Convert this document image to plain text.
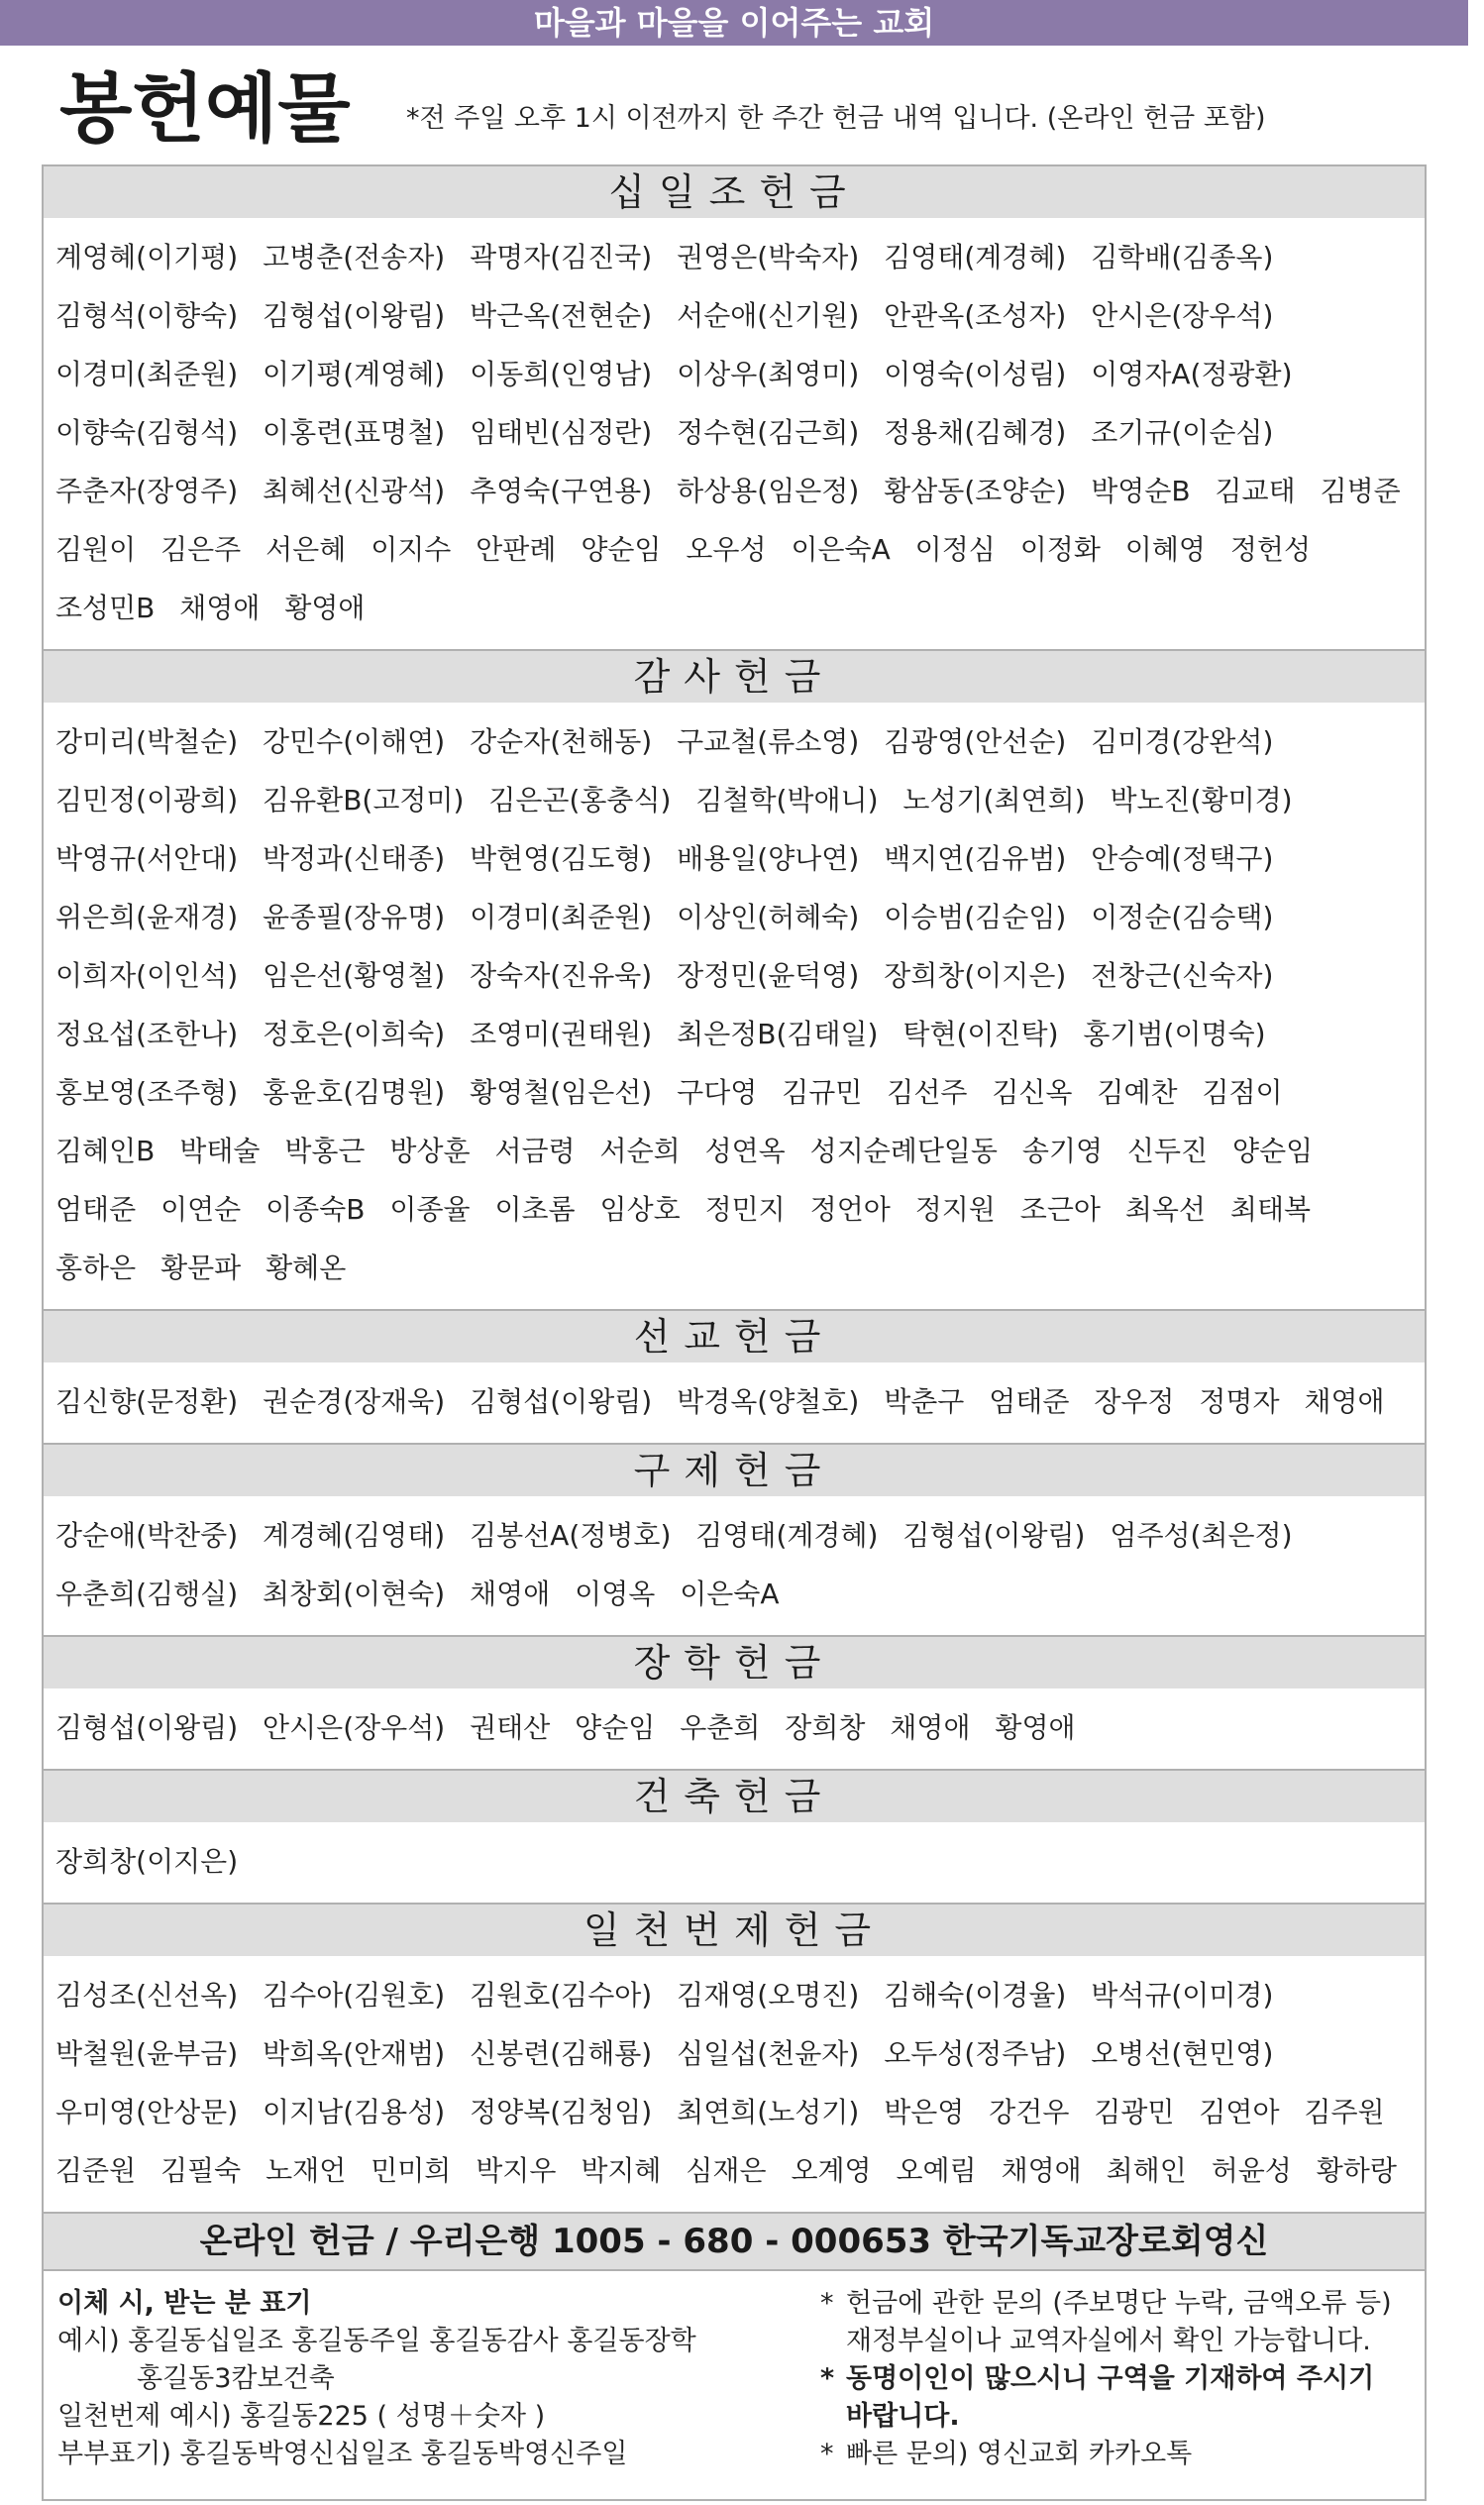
마을과 마을을 이어주는 교회
봉헌예물 *전 주일 오후 1시 이전까지 한 주간 헌금 내역 입니다. (온라인 헌금 포함)
십일조헌금
계영혜(이기평) 고병춘(전송자) 곽명자(김진국) 권영은(박숙자) 김영태(계경혜) 김학배(김종옥) 김형석(이향숙) 김형섭(이왕림) 박근옥(전현순) 서순애(신기원) 안관옥(조성자) 안시은(장우석) 이경미(최준원) 이기평(계영혜) 이동희(인영남) 이상우(최영미) 이영숙(이성림) 이영자A(정광환) 이향숙(김형석) 이홍련(표명철) 임태빈(심정란) 정수현(김근희) 정용채(김혜경) 조기규(이순심) 주춘자(장영주) 최혜선(신광석) 추영숙(구연용) 하상용(임은정) 황삼동(조양순) 박영순B 김교태 김병준 김원이 김은주 서은혜 이지수 안판례 양순임 오우성 이은숙A 이정심 이정화 이혜영 정헌성 조성민B 채영애 황영애
감사헌금
강미리(박철순) 강민수(이해연) 강순자(천해동) 구교철(류소영) 김광영(안선순) 김미경(강완석) 김민정(이광희) 김유환B(고정미) 김은곤(홍충식) 김철학(박애니) 노성기(최연희) 박노진(황미경) 박영규(서안대) 박정과(신태종) 박현영(김도형) 배용일(양나연) 백지연(김유범) 안승예(정택구) 위은희(윤재경) 윤종필(장유명) 이경미(최준원) 이상인(허혜숙) 이승범(김순임) 이정순(김승택) 이희자(이인석) 임은선(황영철) 장숙자(진유욱) 장정민(윤덕영) 장희창(이지은) 전창근(신숙자) 정요섭(조한나) 정호은(이희숙) 조영미(권태원) 최은정B(김태일) 탁현(이진탁) 홍기범(이명숙) 홍보영(조주형) 홍윤호(김명원) 황영철(임은선) 구다영 김규민 김선주 김신옥 김예찬 김점이 김혜인B 박태술 박홍근 방상훈 서금령 서순희 성연옥 성지순례단일동 송기영 신두진 양순임 엄태준 이연순 이종숙B 이종율 이초롬 임상호 정민지 정언아 정지원 조근아 최옥선 최태복 홍하은 황문파 황혜온
선교헌금
김신향(문정환) 권순경(장재욱) 김형섭(이왕림) 박경옥(양철호) 박춘구 엄태준 장우정 정명자 채영애
구제헌금
강순애(박찬중) 계경혜(김영태) 김봉선A(정병호) 김영태(계경혜) 김형섭(이왕림) 엄주성(최은정) 우춘희(김행실) 최창회(이현숙) 채영애 이영옥 이은숙A
장학헌금
김형섭(이왕림) 안시은(장우석) 권태산 양순임 우춘희 장희창 채영애 황영애
건축헌금
장희창(이지은)
일천번제헌금
김성조(신선옥) 김수아(김원호) 김원호(김수아) 김재영(오명진) 김해숙(이경율) 박석규(이미경) 박철원(윤부금) 박희옥(안재범) 신봉련(김해룡) 심일섭(천윤자) 오두성(정주남) 오병선(현민영) 우미영(안상문) 이지남(김용성) 정양복(김청임) 최연희(노성기) 박은영 강건우 김광민 김연아 김주원 김준원 김필숙 노재언 민미희 박지우 박지혜 심재은 오계영 오예림 채영애 최해인 허윤성 황하랑
온라인 헌금 / 우리은행 1005 - 680 - 000653 한국기독교장로회영신
이체 시, 받는 분 표기
예시) 홍길동십일조 홍길동주일 홍길동감사 홍길동장학
홍길동3캄보건축
일천번제 예시) 홍길동225 ( 성명＋숫자 )
부부표기) 홍길동박영신십일조 홍길동박영신주일
* 헌금에 관한 문의 (주보명단 누락, 금액오류 등)
재정부실이나 교역자실에서 확인 가능합니다.
* 동명이인이 많으시니 구역을 기재하여 주시기
바랍니다.
* 빠른 문의) 영신교회 카카오톡
